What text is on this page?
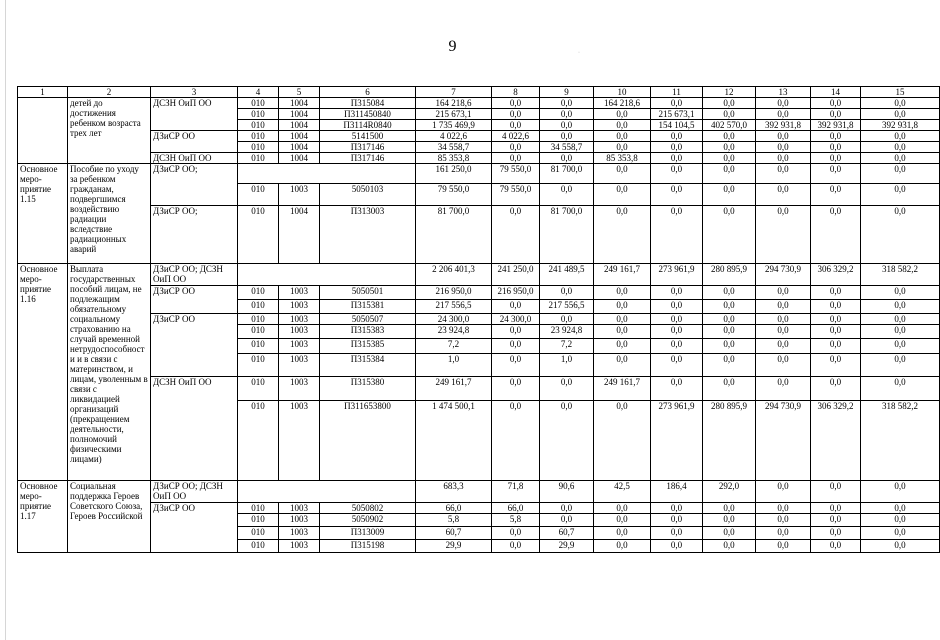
9	·
1	2	3	4	5	6	7	8	9	10	11	12	13	14	15
	детей до достижения ребенком возраста трех лет	ДСЗН ОиП ОО	010	1004	П315084	164 218,6	0,0	0,0	164 218,6	0,0	0,0	0,0	0,0	0,0
			010	1004	П311450840	215 673,1	0,0	0,0	0,0	215 673,1	0,0	0,0	0,0	0,0
			010	1004	П3114R0840	1 735 469,9	0,0	0,0	0,0	154 104,5	402 570,0	392 931,8	392 931,8	392 931,8
		ДЗиСР ОО	010	1004	5141500	4 022,6	4 022,6	0,0	0,0	0,0	0,0	0,0	0,0	0,0
			010	1004	П317146	34 558,7	0,0	34 558,7	0,0	0,0	0,0	0,0	0,0	0,0
		ДСЗН ОиП ОО	010	1004	П317146	85 353,8	0,0	0,0	85 353,8	0,0	0,0	0,0	0,0	0,0
Основное меро-приятие 1.15	Пособие по уходу за ребенком гражданам, подвергшимся воздействию радиации вследствие радиационных аварий	ДЗиСР ОО;				161 250,0	79 550,0	81 700,0	0,0	0,0	0,0	0,0	0,0	0,0
			010	1003	5050103	79 550,0	79 550,0	0,0	0,0	0,0	0,0	0,0	0,0	0,0
		ДЗиСР ОО;	010	1004	П313003	81 700,0	0,0	81 700,0	0,0	0,0	0,0	0,0	0,0	0,0
Основное меро-приятие 1.16	Выплата государственных пособий лицам, не подлежащим обязательному социальному страхованию на случай временной нетрудоспособности и в связи с материнством, и лицам, уволенным в связи с ликвидацией организаций (прекращением деятельности, полномочий физическими лицами)	ДЗиСР ОО; ДСЗН ОиП ОО				2 206 401,3	241 250,0	241 489,5	249 161,7	273 961,9	280 895,9	294 730,9	306 329,2	318 582,2
		ДЗиСР ОО	010	1003	5050501	216 950,0	216 950,0	0,0	0,0	0,0	0,0	0,0	0,0	0,0
			010	1003	П315381	217 556,5	0,0	217 556,5	0,0	0,0	0,0	0,0	0,0	0,0
		ДЗиСР ОО	010	1003	5050507	24 300,0	24 300,0	0,0	0,0	0,0	0,0	0,0	0,0	0,0
			010	1003	П315383	23 924,8	0,0	23 924,8	0,0	0,0	0,0	0,0	0,0	0,0
			010	1003	П315385	7,2	0,0	7,2	0,0	0,0	0,0	0,0	0,0	0,0
			010	1003	П315384	1,0	0,0	1,0	0,0	0,0	0,0	0,0	0,0	0,0
		ДСЗН ОиП ОО	010	1003	П315380	249 161,7	0,0	0,0	249 161,7	0,0	0,0	0,0	0,0	0,0
			010	1003	П311653800	1 474 500,1	0,0	0,0	0,0	273 961,9	280 895,9	294 730,9	306 329,2	318 582,2
Основное меро-приятие 1.17	Социальная поддержка Героев Советского Союза, Героев Российской	ДЗиСР ОО; ДСЗН ОиП ОО				683,3	71,8	90,6	42,5	186,4	292,0	0,0	0,0	0,0
		ДЗиСР ОО	010	1003	5050802	66,0	66,0	0,0	0,0	0,0	0,0	0,0	0,0	0,0
			010	1003	5050902	5,8	5,8	0,0	0,0	0,0	0,0	0,0	0,0	0,0
			010	1003	П313009	60,7	0,0	60,7	0,0	0,0	0,0	0,0	0,0	0,0
			010	1003	П315198	29,9	0,0	29,9	0,0	0,0	0,0	0,0	0,0	0,0
